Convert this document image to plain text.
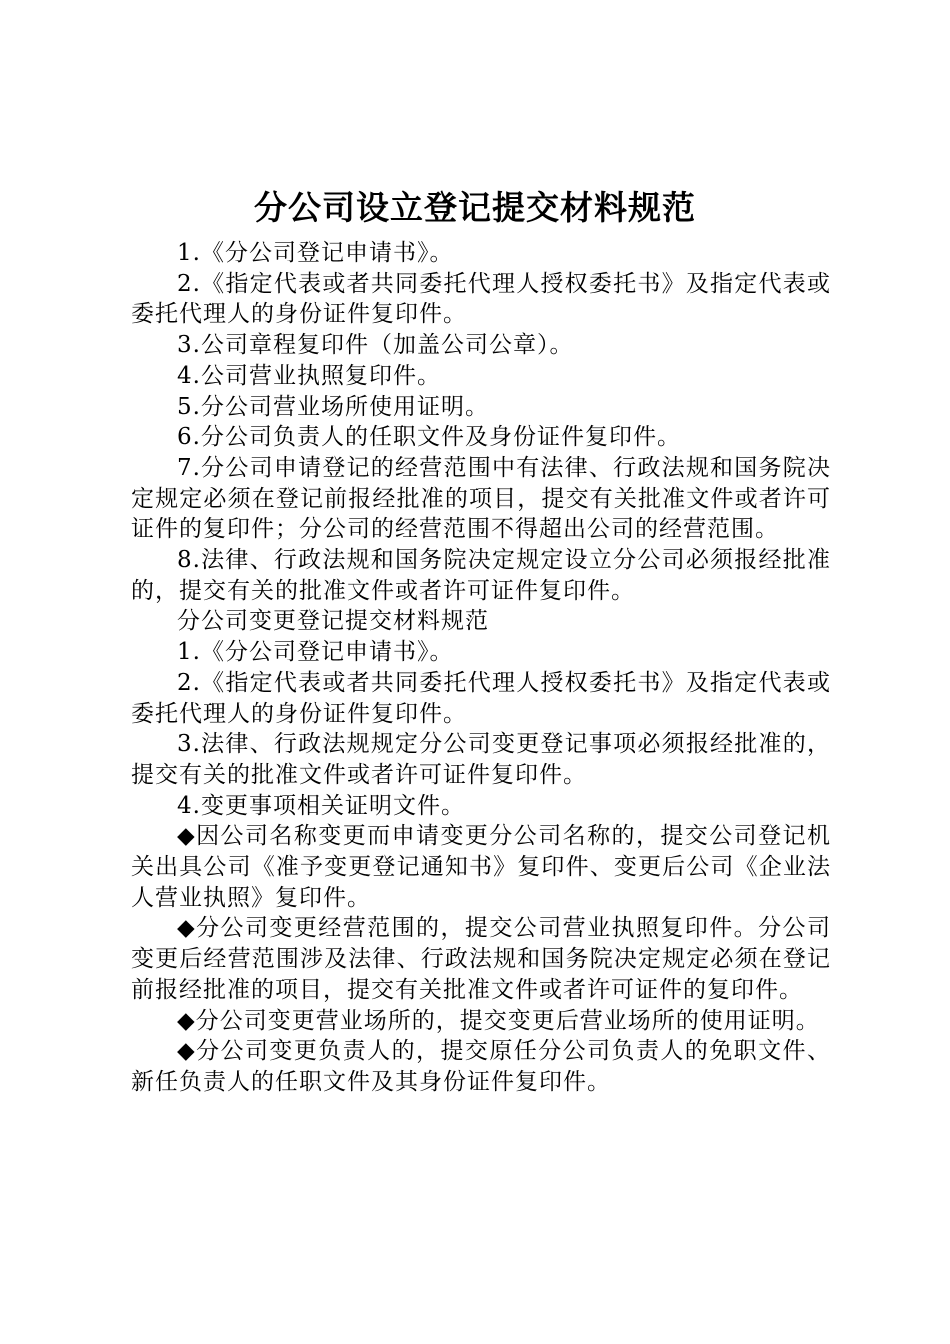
分公司设立登记提交材料规范

1.《分公司登记申请书》。

2.《指定代表或者共同委托代理人授权委托书》及指定代表或委托代理人的身份证件复印件。

3.公司章程复印件（加盖公司公章）。

4.公司营业执照复印件。

5.分公司营业场所使用证明。

6.分公司负责人的任职文件及身份证件复印件。

7.分公司申请登记的经营范围中有法律、行政法规和国务院决定规定必须在登记前报经批准的项目，提交有关批准文件或者许可证件的复印件；分公司的经营范围不得超出公司的经营范围。

8.法律、行政法规和国务院决定规定设立分公司必须报经批准的，提交有关的批准文件或者许可证件复印件。

分公司变更登记提交材料规范

1.《分公司登记申请书》。

2.《指定代表或者共同委托代理人授权委托书》及指定代表或委托代理人的身份证件复印件。

3.法律、行政法规规定分公司变更登记事项必须报经批准的，提交有关的批准文件或者许可证件复印件。

4.变更事项相关证明文件。

◆因公司名称变更而申请变更分公司名称的，提交公司登记机关出具公司《准予变更登记通知书》复印件、变更后公司《企业法人营业执照》复印件。

◆分公司变更经营范围的，提交公司营业执照复印件。分公司变更后经营范围涉及法律、行政法规和国务院决定规定必须在登记前报经批准的项目，提交有关批准文件或者许可证件的复印件。

◆分公司变更营业场所的，提交变更后营业场所的使用证明。

◆分公司变更负责人的，提交原任分公司负责人的免职文件、新任负责人的任职文件及其身份证件复印件。
